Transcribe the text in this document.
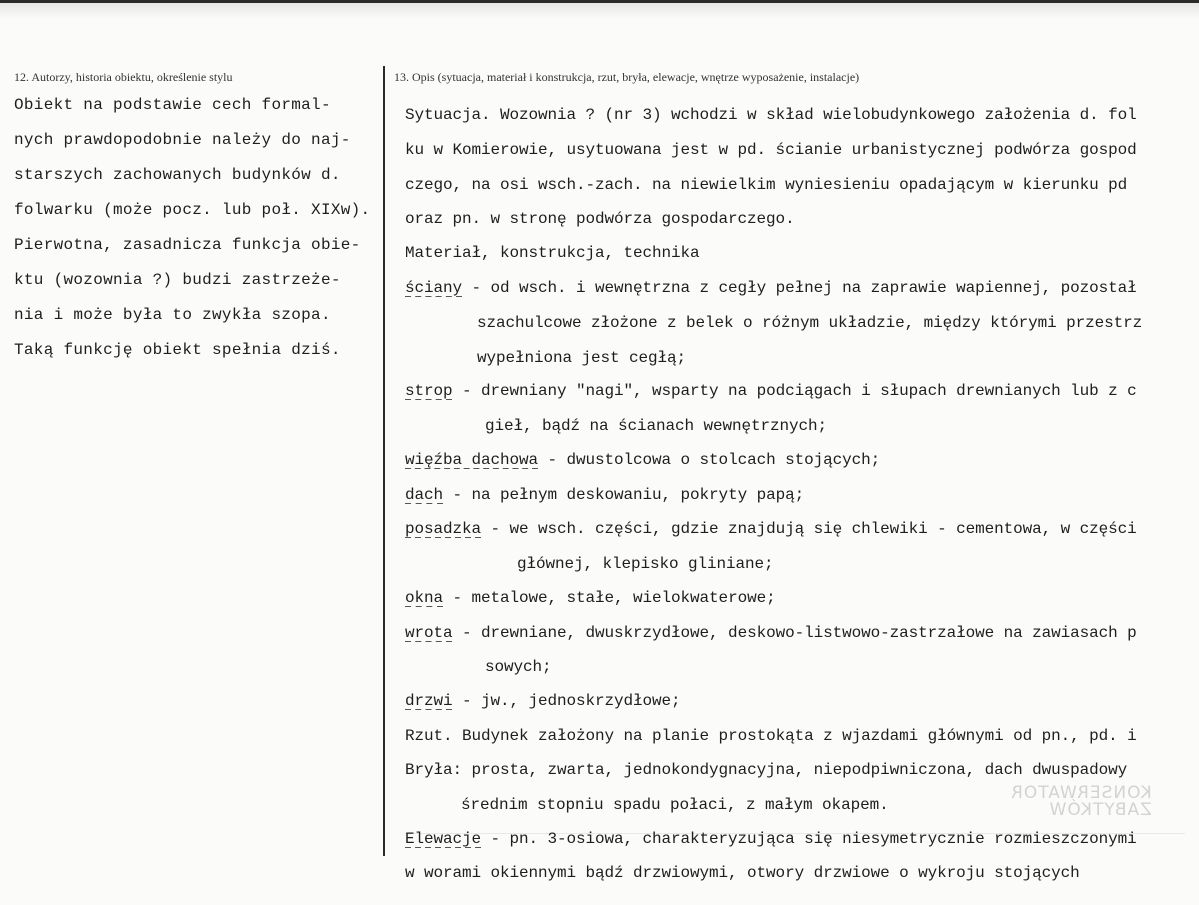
12. Autorzy, historia obiektu, określenie stylu	13. Opis (sytuacja, materiał i konstrukcja, rzut, bryła, elewacje, wnętrze wyposażenie, instalacje)
KONSERWATOR
ZABYTKÓW
Obiekt na podstawie cech formal-
nych prawdopodobnie należy do naj-
starszych zachowanych budynków d.
folwarku (może pocz. lub poł. XIXw).
Pierwotna, zasadnicza funkcja obie-
ktu (wozownia ?) budzi zastrzeże-
nia i może była to zwykła szopa.
Taką funkcję obiekt spełnia dziś.
Sytuacja. Wozownia ? (nr 3) wchodzi w skład wielobudynkowego założenia d. fol
ku w Komierowie, usytuowana jest w pd. ścianie urbanistycznej podwórza gospod
czego, na osi wsch.-zach. na niewielkim wyniesieniu opadającym w kierunku pd
oraz pn. w stronę podwórza gospodarczego.
Materiał, konstrukcja, technika
ściany - od wsch. i wewnętrzna z cegły pełnej na zaprawie wapiennej, pozostał
szachulcowe złożone z belek o różnym układzie, między którymi przestrz
wypełniona jest cegłą;
strop - drewniany "nagi", wsparty na podciągach i słupach drewnianych lub z c
gieł, bądź na ścianach wewnętrznych;
więźba dachowa - dwustolcowa o stolcach stojących;
dach - na pełnym deskowaniu, pokryty papą;
posadzka - we wsch. części, gdzie znajdują się chlewiki - cementowa, w części
głównej, klepisko gliniane;
okna - metalowe, stałe, wielokwaterowe;
wrota - drewniane, dwuskrzydłowe, deskowo-listwowo-zastrzałowe na zawiasach p
sowych;
drzwi - jw., jednoskrzydłowe;
Rzut. Budynek założony na planie prostokąta z wjazdami głównymi od pn., pd. i
Bryła: prosta, zwarta, jednokondygnacyjna, niepodpiwniczona, dach dwuspadowy
średnim stopniu spadu połaci, z małym okapem.
Elewacje - pn. 3-osiowa, charakteryzująca się niesymetrycznie rozmieszczonymi
w worami okiennymi bądź drzwiowymi, otwory drzwiowe o wykroju stojących
